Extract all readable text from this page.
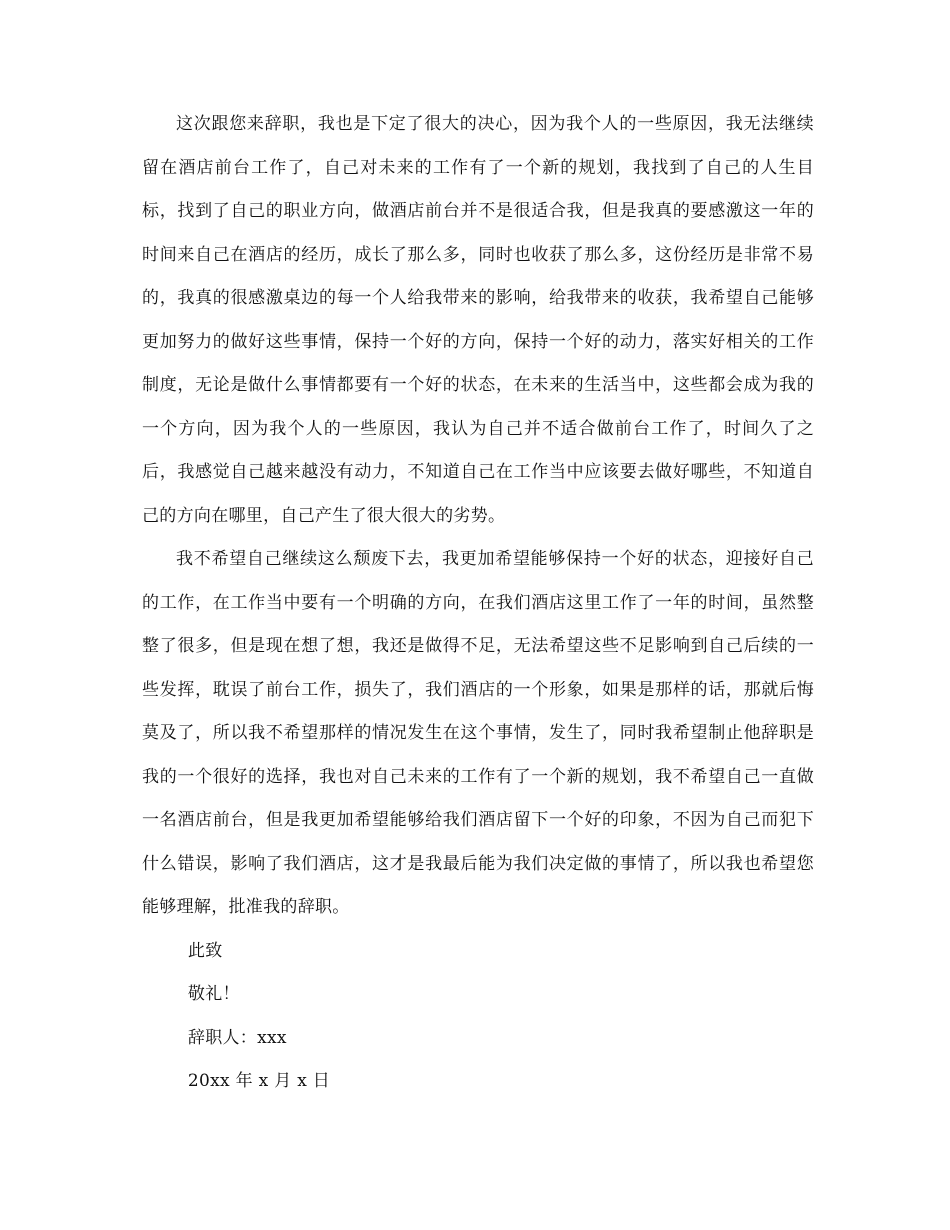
这次跟您来辞职，我也是下定了很大的决心，因为我个人的一些原因，我无法继续留在酒店前台工作了，自己对未来的工作有了一个新的规划，我找到了自己的人生目标，找到了自己的职业方向，做酒店前台并不是很适合我，但是我真的要感激这一年的时间来自己在酒店的经历，成长了那么多，同时也收获了那么多，这份经历是非常不易的，我真的很感激桌边的每一个人给我带来的影响，给我带来的收获，我希望自己能够更加努力的做好这些事情，保持一个好的方向，保持一个好的动力，落实好相关的工作制度，无论是做什么事情都要有一个好的状态，在未来的生活当中，这些都会成为我的一个方向，因为我个人的一些原因，我认为自己并不适合做前台工作了，时间久了之后，我感觉自己越来越没有动力，不知道自己在工作当中应该要去做好哪些，不知道自己的方向在哪里，自己产生了很大很大的劣势。

我不希望自己继续这么颓废下去，我更加希望能够保持一个好的状态，迎接好自己的工作，在工作当中要有一个明确的方向，在我们酒店这里工作了一年的时间，虽然整整了很多，但是现在想了想，我还是做得不足，无法希望这些不足影响到自己后续的一些发挥，耽误了前台工作，损失了，我们酒店的一个形象，如果是那样的话，那就后悔莫及了，所以我不希望那样的情况发生在这个事情，发生了，同时我希望制止他辞职是我的一个很好的选择，我也对自己未来的工作有了一个新的规划，我不希望自己一直做一名酒店前台，但是我更加希望能够给我们酒店留下一个好的印象，不因为自己而犯下什么错误，影响了我们酒店，这才是我最后能为我们决定做的事情了，所以我也希望您能够理解，批准我的辞职。

此致

敬礼！

辞职人：xxx

20xx 年 x 月 x 日
